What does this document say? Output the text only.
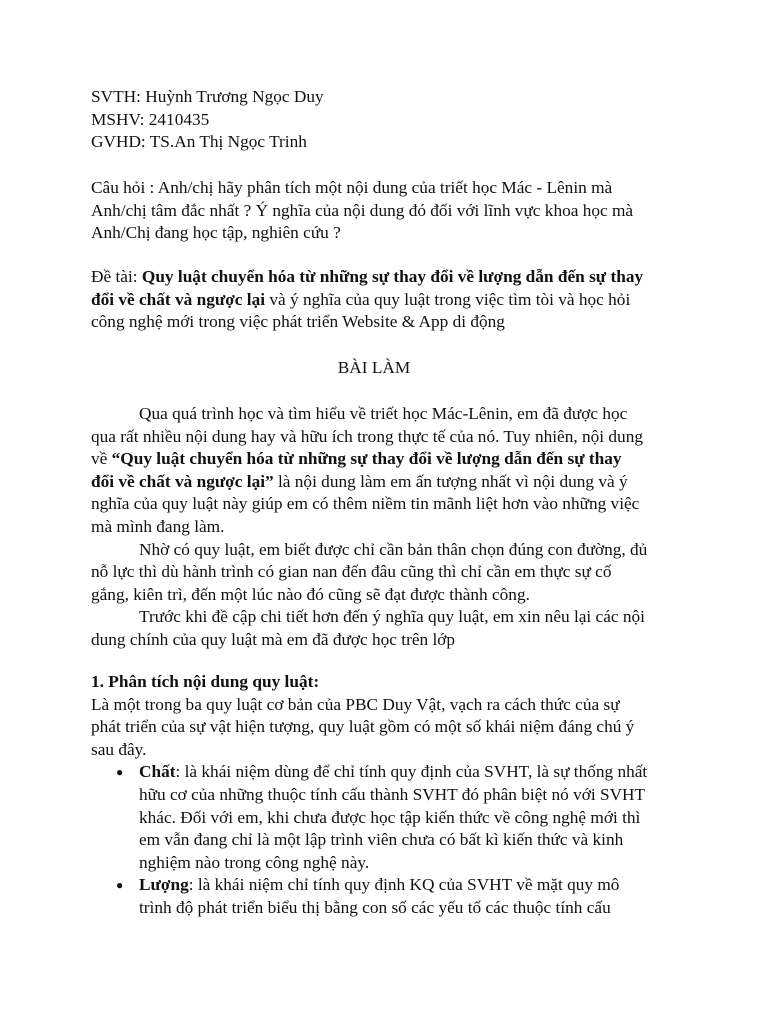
SVTH: Huỳnh Trương Ngọc Duy
MSHV: 2410435
GVHD: TS.An Thị Ngọc Trinh
Câu hỏi : Anh/chị hãy phân tích một nội dung của triết học Mác - Lênin mà
Anh/chị tâm đắc nhất ? Ý nghĩa của nội dung đó đối với lĩnh vực khoa học mà
Anh/Chị đang học tập, nghiên cứu ?
Đề tài: Quy luật chuyển hóa từ những sự thay đổi về lượng dẫn đến sự thay
đổi về chất và ngược lại và ý nghĩa của quy luật trong việc tìm tòi và học hỏi
công nghệ mới trong việc phát triển Website & App di động
BÀI LÀM
Qua quá trình học và tìm hiểu về triết học Mác-Lênin, em đã được học
qua rất nhiều nội dung hay và hữu ích trong thực tế của nó. Tuy nhiên, nội dung
về “Quy luật chuyển hóa từ những sự thay đổi về lượng dẫn đến sự thay
đổi về chất và ngược lại” là nội dung làm em ấn tượng nhất vì nội dung và ý
nghĩa của quy luật này giúp em có thêm niềm tin mãnh liệt hơn vào những việc
mà mình đang làm.
Nhờ có quy luật, em biết được chỉ cần bản thân chọn đúng con đường, đủ
nỗ lực thì dù hành trình có gian nan đến đâu cũng thì chỉ cần em thực sự cố
gắng, kiên trì, đến một lúc nào đó cũng sẽ đạt được thành công.
Trước khi đề cập chi tiết hơn đến ý nghĩa quy luật, em xin nêu lại các nội
dung chính của quy luật mà em đã được học trên lớp
1. Phân tích nội dung quy luật:
Là một trong ba quy luật cơ bản của PBC Duy Vật, vạch ra cách thức của sự
phát triển của sự vật hiện tượng, quy luật gồm có một số khái niệm đáng chú ý
sau đây.
● Chất: là khái niệm dùng để chỉ tính quy định của SVHT, là sự thống nhất
hữu cơ của những thuộc tính cấu thành SVHT đó phân biệt nó với SVHT
khác. Đối với em, khi chưa được học tập kiến thức về công nghệ mới thì
em vẫn đang chỉ là một lập trình viên chưa có bất kì kiến thức và kinh
nghiệm nào trong công nghệ này.
● Lượng: là khái niệm chỉ tính quy định KQ của SVHT về mặt quy mô
trình độ phát triển biểu thị bằng con số các yếu tố các thuộc tính cấu
